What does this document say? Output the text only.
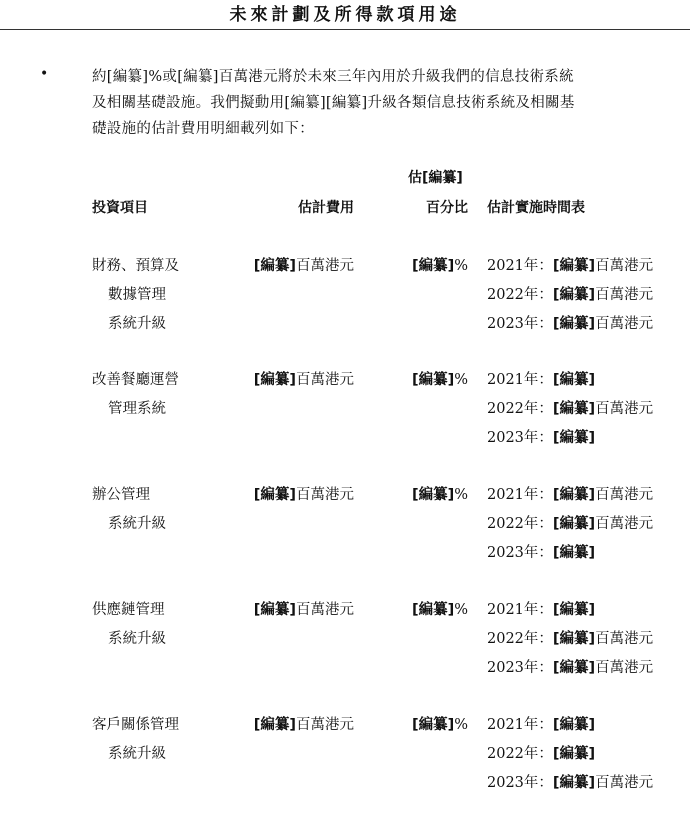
未來計劃及所得款項用途
•	約[編纂]%或[編纂]百萬港元將於未來三年內用於升級我們的信息技術系統
及相關基礎設施。我們擬動用[編纂][編纂]升級各類信息技術系統及相關基
礎設施的估計費用明細載列如下：
估[編纂]
投資項目	估計費用	百分比 估計實施時間表
財務、預算及
數據管理
系統升級
[編纂]百萬港元	[編纂]% 2021年：[編纂]百萬港元
2022年：[編纂]百萬港元
2023年：[編纂]百萬港元
改善餐廳運營
管理系統
[編纂]百萬港元	[編纂]% 2021年：[編纂]
2022年：[編纂]百萬港元
2023年：[編纂]
辦公管理
系統升級
[編纂]百萬港元	[編纂]% 2021年：[編纂]百萬港元
2022年：[編纂]百萬港元
2023年：[編纂]
供應鏈管理
系統升級
[編纂]百萬港元	[編纂]% 2021年：[編纂]
2022年：[編纂]百萬港元
2023年：[編纂]百萬港元
客戶關係管理
系統升級
[編纂]百萬港元	[編纂]% 2021年：[編纂]
2022年：[編纂]
2023年：[編纂]百萬港元
